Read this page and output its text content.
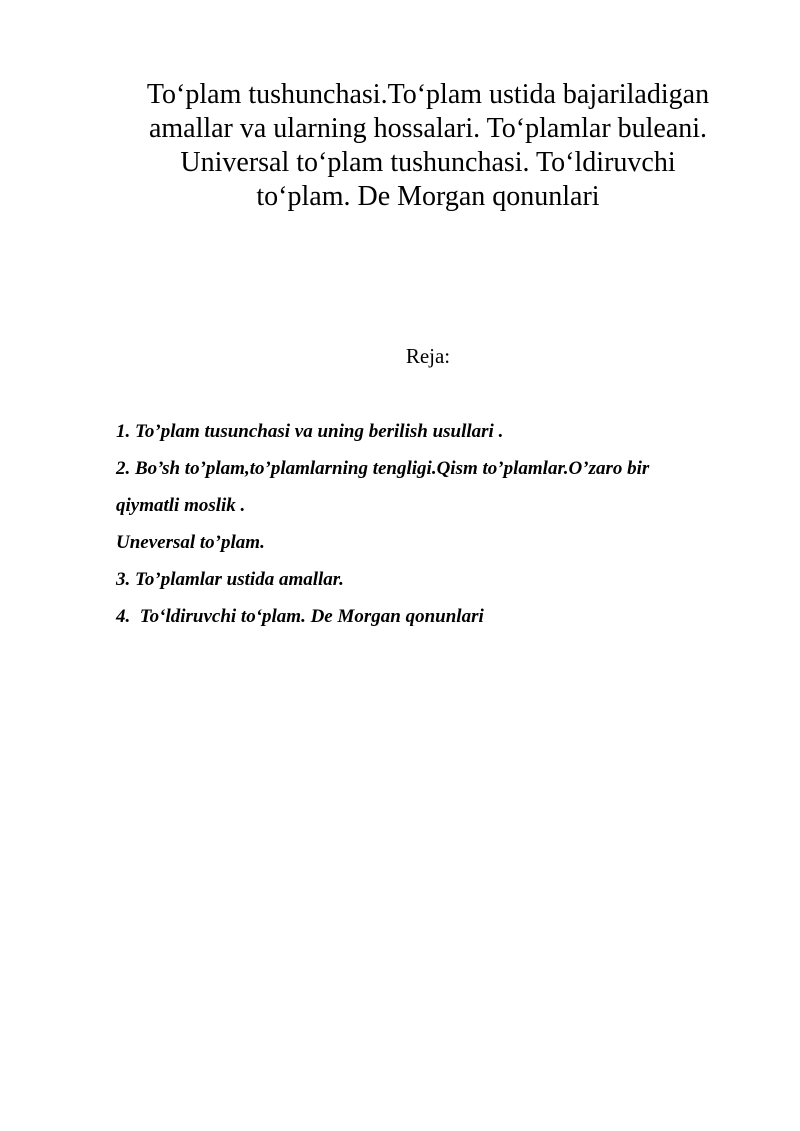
To‘plam tushunchasi.To‘plam ustida bajariladigan
amallar va ularning hossalari. To‘plamlar buleani.
Universal to‘plam tushunchasi. To‘ldiruvchi
to‘plam. De Morgan qonunlari

Reja:

1. To’plam tusunchasi va uning berilish usullari .
2. Bo’sh to’plam,to’plamlarning tengligi.Qism to’plamlar.O’zaro bir
qiymatli moslik .
Uneversal to’plam.
3. To’plamlar ustida amallar.
4.  To‘ldiruvchi to‘plam. De Morgan qonunlari
